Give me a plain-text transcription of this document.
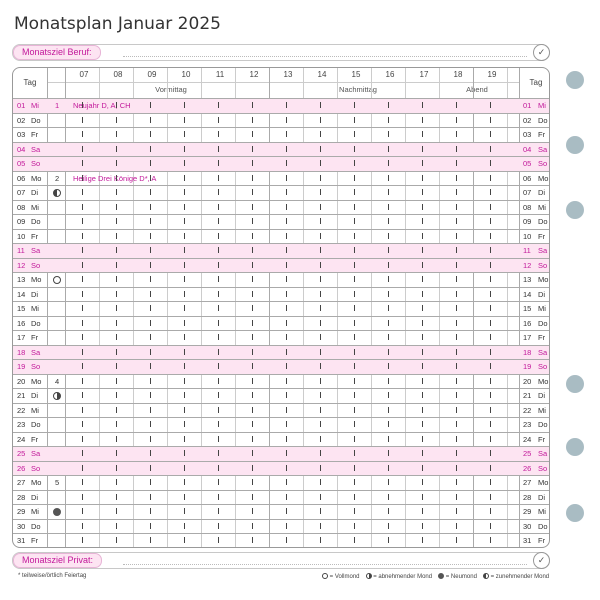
Monatsplan Januar 2025
Monatsziel Beruf:	✓
Tag	Tag
07	08	09	10	11	12	13	14	15	16	17	18	19
Vormittag	Nachmittag	Abend
01 Mi 1 Neujahr D, A, CH	01 Mi
02 Do	02 Do
03 Fr	03 Fr
04 Sa	04 Sa
05 So	05 So
06 Mo 2 Heilige Drei Könige D*, A	06 Mo
07 Di	07 Di
08 Mi	08 Mi
09 Do	09 Do
10 Fr	10 Fr
11 Sa	11 Sa
12 So	12 So
13 Mo	13 Mo
14 Di	14 Di
15 Mi	15 Mi
16 Do	16 Do
17 Fr	17 Fr
18 Sa	18 Sa
19 So	19 So
20 Mo 4	20 Mo
21 Di	21 Di
22 Mi	22 Mi
23 Do	23 Do
24 Fr	24 Fr
25 Sa	25 Sa
26 So	26 So
27 Mo 5	27 Mo
28 Di	28 Di
29 Mi	29 Mi
30 Do	30 Do
31 Fr	31 Fr
Monatsziel Privat:	✓
* teilweise/örtlich Feiertag	= Vollmond = abnehmender Mond = Neumond = zunehmender Mond
